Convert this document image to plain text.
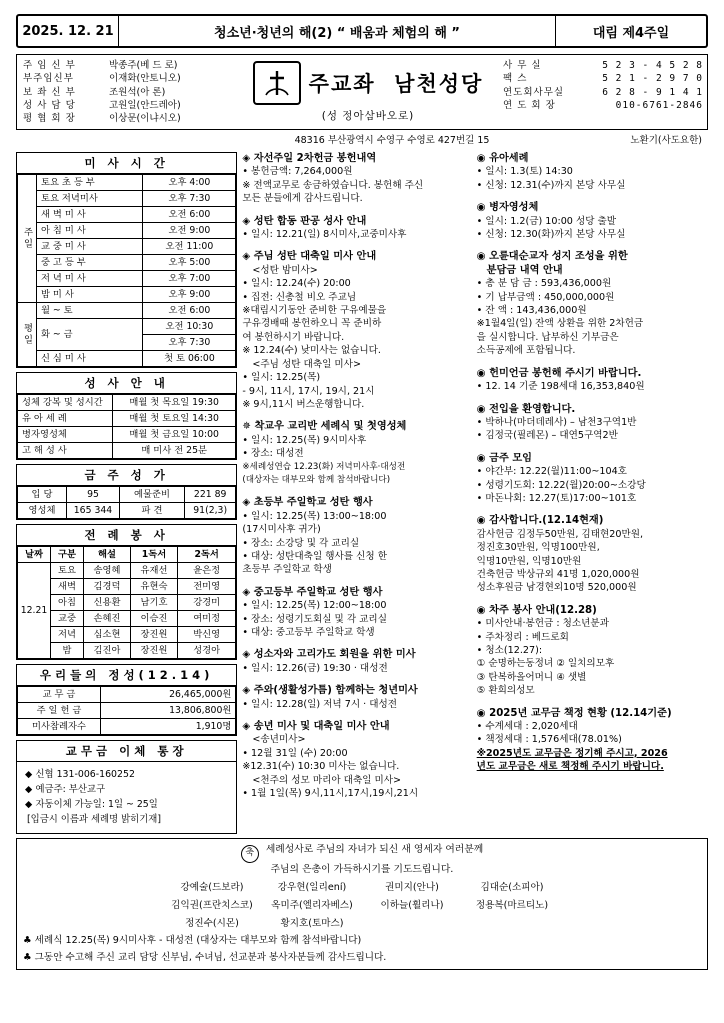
2025. 12. 21	청소년·청년의 해(2) “ 배움과 체험의 해 ”	대림 제4주일
주 임 신 부	박종주(베 드 로)
부주임신부	이재화(안토니오)
보 좌 신 부	조원석(아 론)
성 사 담 당	고원일(안드레아)
평 협 회 장	이상문(이냐시오)
주교좌 남천성당
(성 정아삼바오로)
사 무 실	5 2 3 - 4 5 2 8
팩 스	5 2 1 - 2 9 7 0
연도회사무실	6 2 8 - 9 1 4 1
연 도 회 장	010-6761-2846
48316 부산광역시 수영구 수영로 427번길 15	노환기(사도요한)
미 사 시 간
주일	토요 초 등 부	오후 4:00
	토요 저녁미사	오후 7:30
	새 벽 미 사	오전 6:00
	아 침 미 사	오전 9:00
	교 중 미 사	오전 11:00
	중 고 등 부	오후 5:00
	저 녁 미 사	오후 7:00
	밤 미 사	오후 9:00
평일	월 ~ 토	오전 6:00
	화 ~ 금	오전 10:30
		오후 7:30
	신 심 미 사	첫 토 06:00
성 사 안 내
성체 강복 및 성시간	매월 첫 목요일 19:30
유 아 세 례	매월 첫 토요일 14:30
병자영성체	매월 첫 금요일 10:00
고 해 성 사	매 미사 전 25분
금 주 성 가
입 당	95	예물준비	221 89
영성체	165 344	파 견	91(2,3)
전 례 봉 사
날짜	구분	해설	1독서	2독서
12.21	토요	송영혜	유재선	윤은정
	새벽	김경덕	유현숙	전미영
	아침	신용환	남기호	강경미
	교중	손혜진	이승진	여미정
	저녁	심소현	장진원	박신영
	밤	김진아	장진원	성경아
우리들의 정성(12.14)
교 무 금	26,465,000원
주 일 헌 금	13,806,800원
미사참례자수	1,910명
교무금 이체 통장
◆ 신협 131-006-160252
◆ 예금주: 부산교구
◆ 자동이체 가능일: 1일 ~ 25일
[입금시 이름과 세례명 밝히기재]
◈ 자선주일 2차헌금 봉헌내역
• 봉헌금액: 7,264,000원
※ 전액교무로 송금하였습니다. 봉헌해 주신
모든 분들에게 감사드립니다.
◈ 성탄 합동 판공 성사 안내
• 일시: 12.21(일) 8시미사,교중미사후
◈ 주님 성탄 대축일 미사 안내
<성탄 밤미사>
• 일시: 12.24(수) 20:00
• 집전: 신총철 비오 주교님
※대림시기동안 준비한 구유예물을
구유경배때 봉헌하오니 꼭 준비하
여 봉헌하시기 바랍니다.
※ 12.24(수) 낮미사는 없습니다.
<주님 성탄 대축일 미사>
• 일시: 12.25(목)
- 9시, 11시, 17시, 19시, 21시
※ 9시,11시 버스운행합니다.
✵ 착교우 교리반 세례식 및 첫영성체
• 일시: 12.25(목) 9시미사후
• 장소: 대성전
※세례성연습 12.23(화) 저녁미사후·대성전
(대상자는 대부모와 함께 참석바랍니다)
◈ 초등부 주일학교 성탄 행사
• 일시: 12.25(목) 13:00~18:00
(17시미사후 귀가)
• 장소: 소강당 및 각 교리실
• 대상: 성탄대축일 행사를 신청 한
초등부 주일학교 학생
◈ 중고등부 주일학교 성탄 행사
• 일시: 12.25(목) 12:00~18:00
• 장소: 성령기도회실 및 각 교리실
• 대상: 중고등부 주일학교 학생
◈ 성소자와 고리가도 회원을 위한 미사
• 일시: 12.26(금) 19:30 · 대성전
◈ 주와(생활성가틈) 함께하는 청년미사
• 일시: 12.28(일) 저녁 7시 · 대성전
◈ 송년 미사 및 대축일 미사 안내
<송년미사>
• 12월 31일 (수) 20:00
※12.31(수) 10:30 미사는 없습니다.
<천주의 성모 마리아 대축일 미사>
• 1월 1일(목) 9시,11시,17시,19시,21시
◉ 유아세례
• 일시: 1.3(토) 14:30
• 신청: 12.31(수)까지 본당 사무실
◉ 병자영성체
• 일시: 1.2(금) 10:00 성당 출발
• 신청: 12.30(화)까지 본당 사무실
◉ 오륜대순교자 성지 조성을 위한
분담금 내역 안내
• 총 분 담 금 : 593,436,000원
• 기 납부금액 : 450,000,000원
• 잔 액 : 143,436,000원
※1월4일(일) 잔액 상환을 위한 2차헌금
을 실시합니다. 납부하신 기부금은
소득공제에 포함됩니다.
◉ 헌미언금 봉헌해 주시기 바랍니다.
• 12. 14 기준 198세대 16,353,840원
◉ 전입을 환영합니다.
• 박하나(마더데레사) – 남천3구역1반
• 김정국(필레몬) – 대연5구역2반
◉ 금주 모임
• 야간부: 12.22(월)11:00~104호
• 성령기도회: 12.22(월)20:00~소강당
• 마돈나회: 12.27(토)17:00~101호
◉ 감사합니다.(12.14현재)
감사헌금 김정두50만원, 김태현20만원,
정진호30만원, 익명100만원,
익명10만원, 익명10만원
건축헌금 박상규외 41명 1,020,000원
성소후원금 남경현외10명 520,000원
◉ 차주 봉사 안내(12.28)
• 미사안내·봉헌금 : 청소년분과
• 주차정리 : 베드로회
• 청소(12.27):
① 순명하는동정녀 ② 일치의모후
③ 탄복하올어머니 ④ 샛별
⑤ 환희의성모
◉ 2025년 교무금 책정 현황 (12.14기준)
• 수계세대 : 2,020세대
• 책정세대 : 1,576세대(78.01%)
※2025년도 교무금은 정기해 주시고, 2026
년도 교무금은 새로 책정해 주시기 바랍니다.
축 세례성사로 주님의 자녀가 되신 새 영세자 여러분께
주님의 은총이 가득하시기를 기도드립니다.
강예술(드보라)	강우현(일리ení)	권미지(안나)	김대순(소피아)
김익권(프란치스코) 옥미주(엘리자베스)	이하늘(휠리나)	정용복(마르티노)
정진수(시몬)	황지호(토마스)
♣ 세례식 12.25(목) 9시미사후 - 대성전 (대상자는 대부모와 함께 참석바랍니다)
♣ 그동안 수고해 주신 교리 담당 신부님, 수녀님, 선교분과 봉사자분들께 감사드립니다.
